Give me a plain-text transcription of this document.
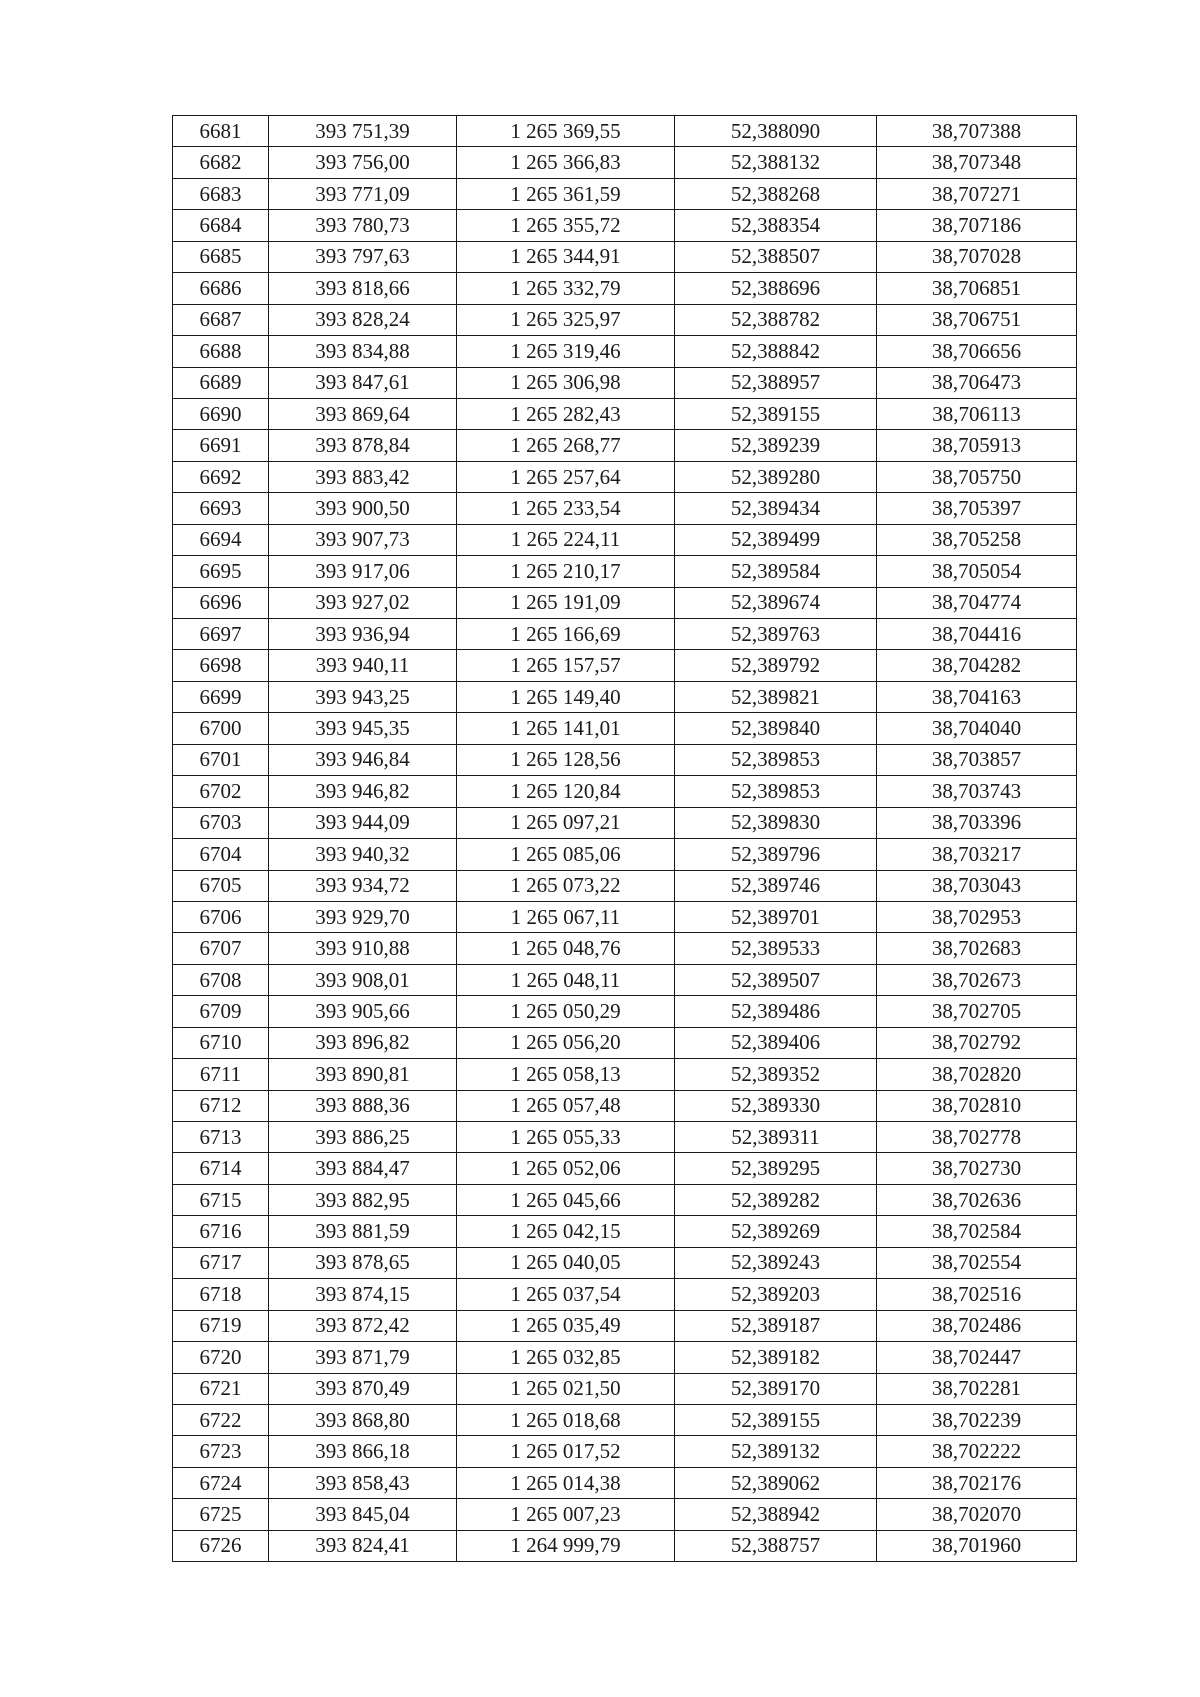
6681	393 751,39	1 265 369,55	52,388090	38,707388
6682	393 756,00	1 265 366,83	52,388132	38,707348
6683	393 771,09	1 265 361,59	52,388268	38,707271
6684	393 780,73	1 265 355,72	52,388354	38,707186
6685	393 797,63	1 265 344,91	52,388507	38,707028
6686	393 818,66	1 265 332,79	52,388696	38,706851
6687	393 828,24	1 265 325,97	52,388782	38,706751
6688	393 834,88	1 265 319,46	52,388842	38,706656
6689	393 847,61	1 265 306,98	52,388957	38,706473
6690	393 869,64	1 265 282,43	52,389155	38,706113
6691	393 878,84	1 265 268,77	52,389239	38,705913
6692	393 883,42	1 265 257,64	52,389280	38,705750
6693	393 900,50	1 265 233,54	52,389434	38,705397
6694	393 907,73	1 265 224,11	52,389499	38,705258
6695	393 917,06	1 265 210,17	52,389584	38,705054
6696	393 927,02	1 265 191,09	52,389674	38,704774
6697	393 936,94	1 265 166,69	52,389763	38,704416
6698	393 940,11	1 265 157,57	52,389792	38,704282
6699	393 943,25	1 265 149,40	52,389821	38,704163
6700	393 945,35	1 265 141,01	52,389840	38,704040
6701	393 946,84	1 265 128,56	52,389853	38,703857
6702	393 946,82	1 265 120,84	52,389853	38,703743
6703	393 944,09	1 265 097,21	52,389830	38,703396
6704	393 940,32	1 265 085,06	52,389796	38,703217
6705	393 934,72	1 265 073,22	52,389746	38,703043
6706	393 929,70	1 265 067,11	52,389701	38,702953
6707	393 910,88	1 265 048,76	52,389533	38,702683
6708	393 908,01	1 265 048,11	52,389507	38,702673
6709	393 905,66	1 265 050,29	52,389486	38,702705
6710	393 896,82	1 265 056,20	52,389406	38,702792
6711	393 890,81	1 265 058,13	52,389352	38,702820
6712	393 888,36	1 265 057,48	52,389330	38,702810
6713	393 886,25	1 265 055,33	52,389311	38,702778
6714	393 884,47	1 265 052,06	52,389295	38,702730
6715	393 882,95	1 265 045,66	52,389282	38,702636
6716	393 881,59	1 265 042,15	52,389269	38,702584
6717	393 878,65	1 265 040,05	52,389243	38,702554
6718	393 874,15	1 265 037,54	52,389203	38,702516
6719	393 872,42	1 265 035,49	52,389187	38,702486
6720	393 871,79	1 265 032,85	52,389182	38,702447
6721	393 870,49	1 265 021,50	52,389170	38,702281
6722	393 868,80	1 265 018,68	52,389155	38,702239
6723	393 866,18	1 265 017,52	52,389132	38,702222
6724	393 858,43	1 265 014,38	52,389062	38,702176
6725	393 845,04	1 265 007,23	52,388942	38,702070
6726	393 824,41	1 264 999,79	52,388757	38,701960
